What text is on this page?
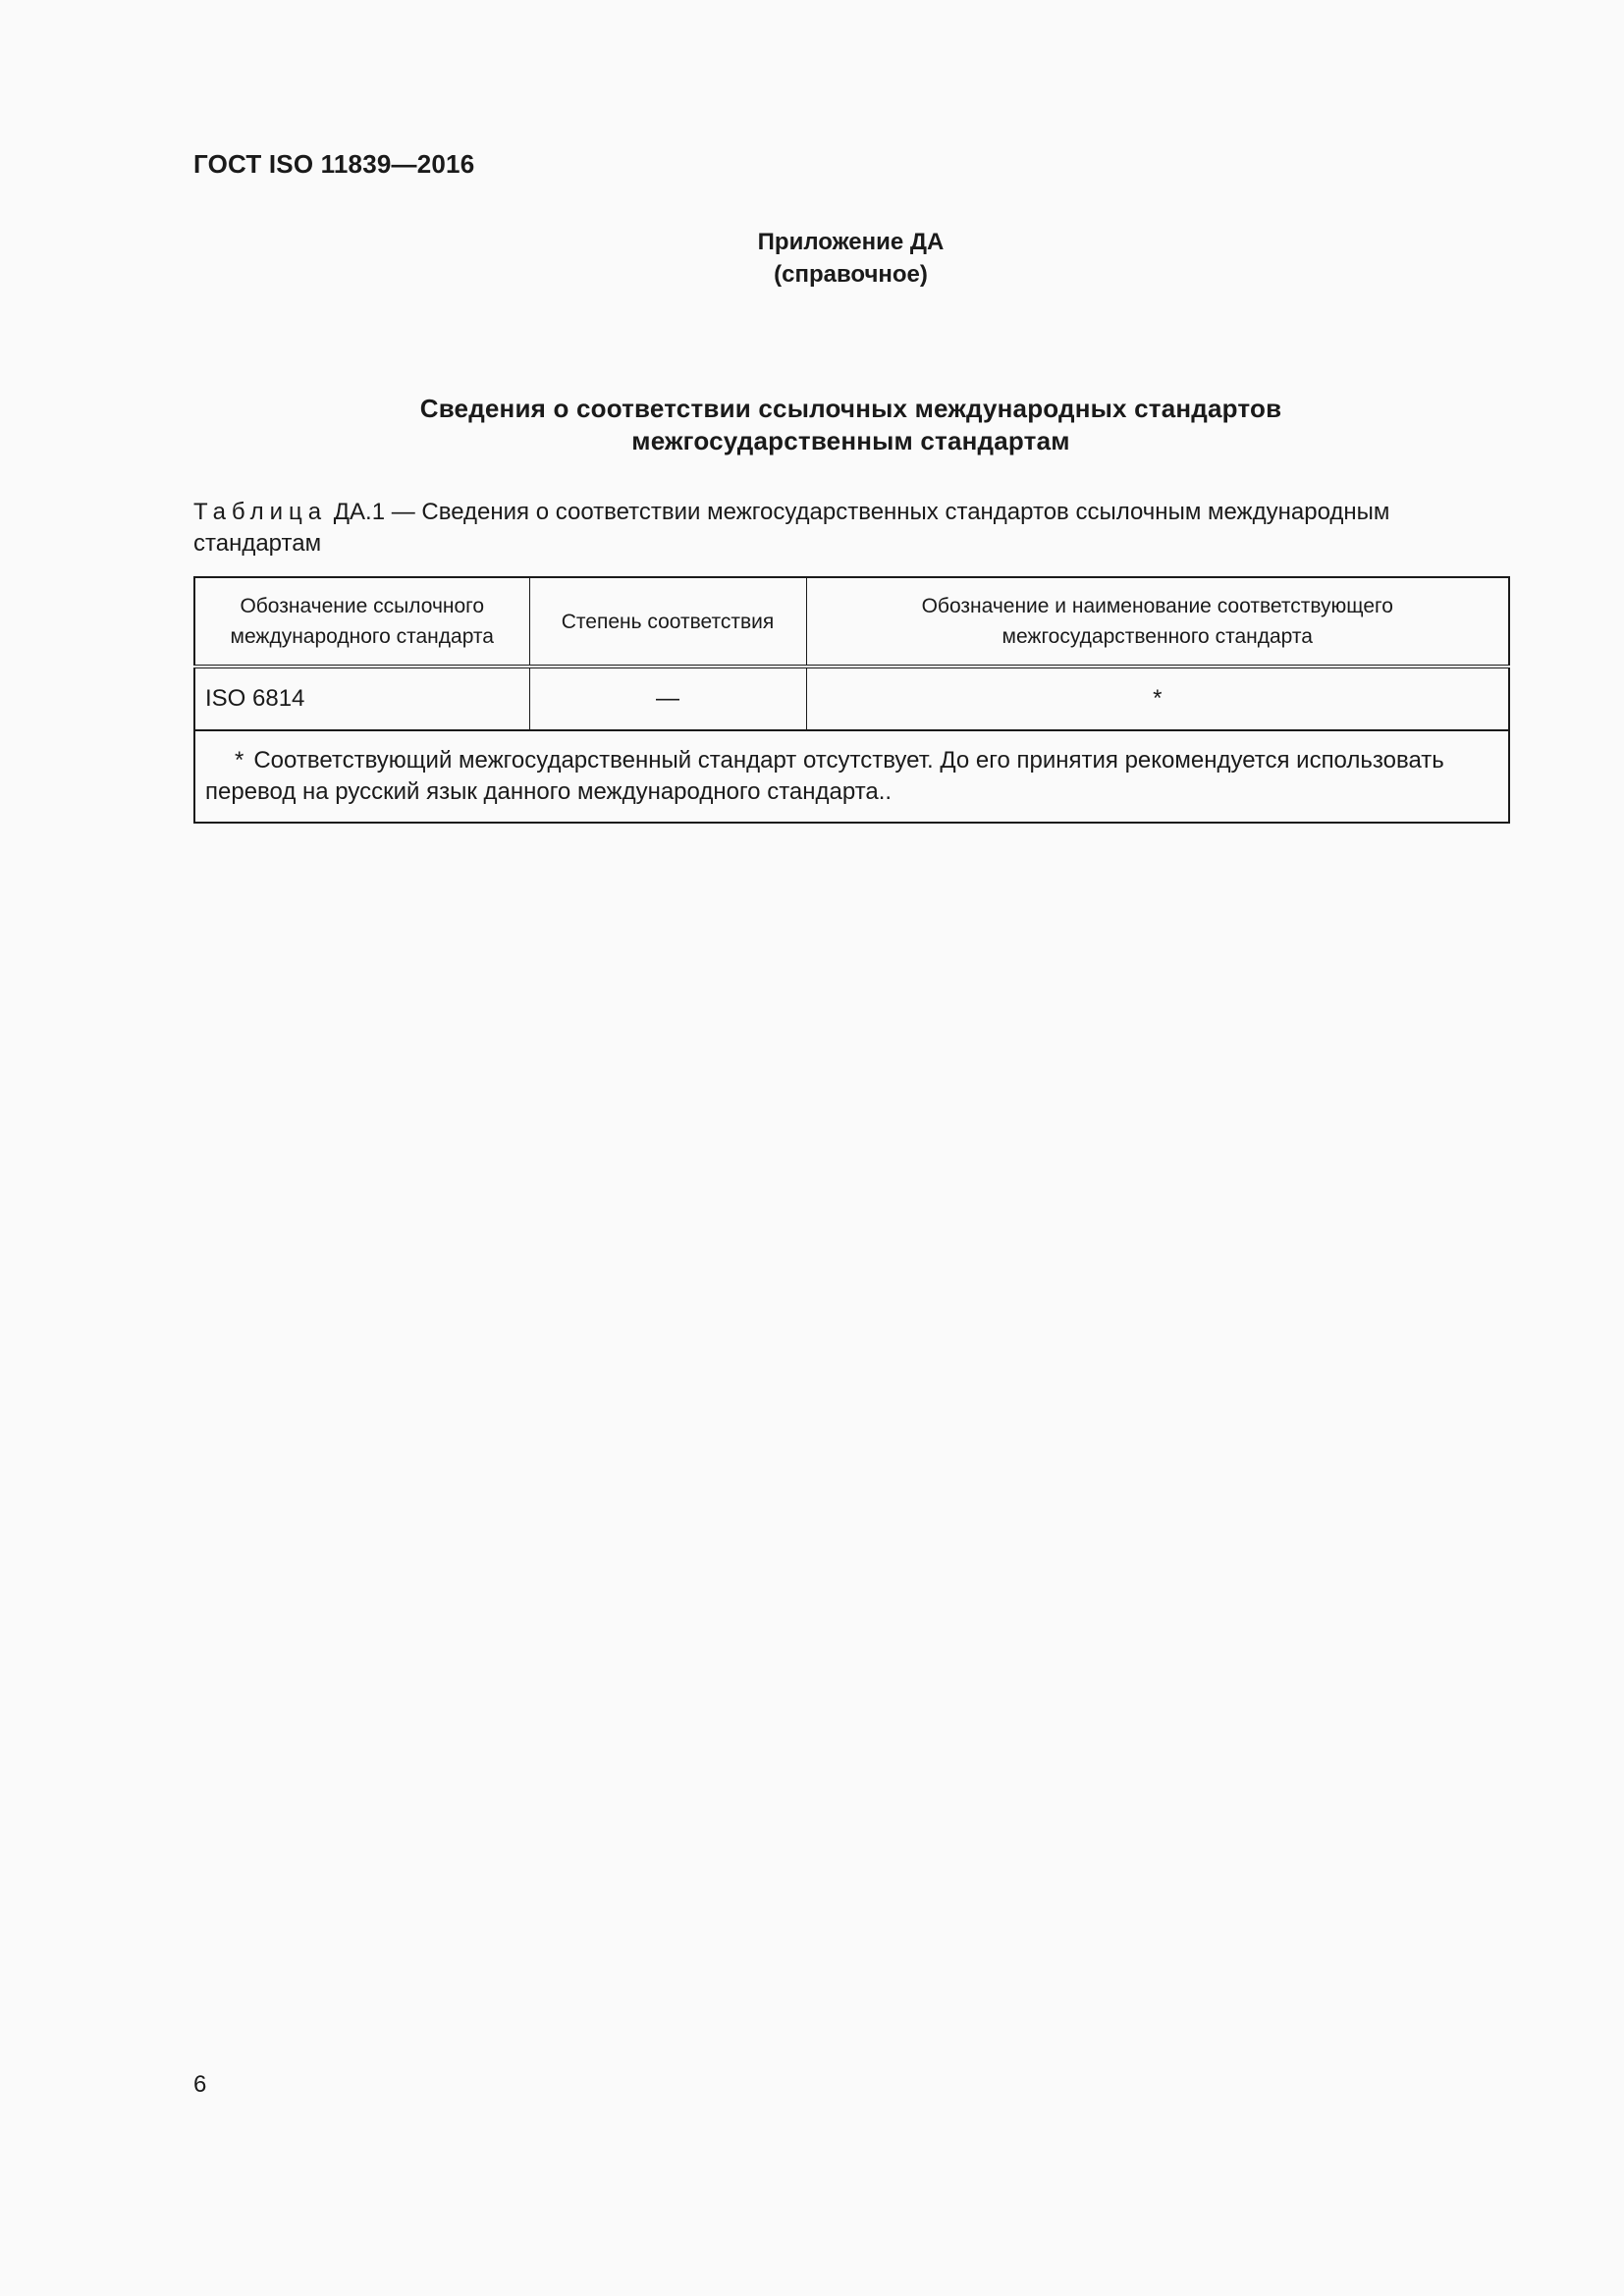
ГОСТ ISO 11839—2016
Приложение ДА
(справочное)
Сведения о соответствии ссылочных международных стандартов
межгосударственным стандартам
Таблица ДА.1 — Сведения о соответствии межгосударственных стандартов ссылочным международным стандартам
Обозначение ссылочного международного стандарта	Степень соответствия	Обозначение и наименование соответствующего межгосударственного стандарта
ISO 6814	—	*
* Соответствующий межгосударственный стандарт отсутствует. До его принятия рекомендуется использовать перевод на русский язык данного международного стандарта..		
6
